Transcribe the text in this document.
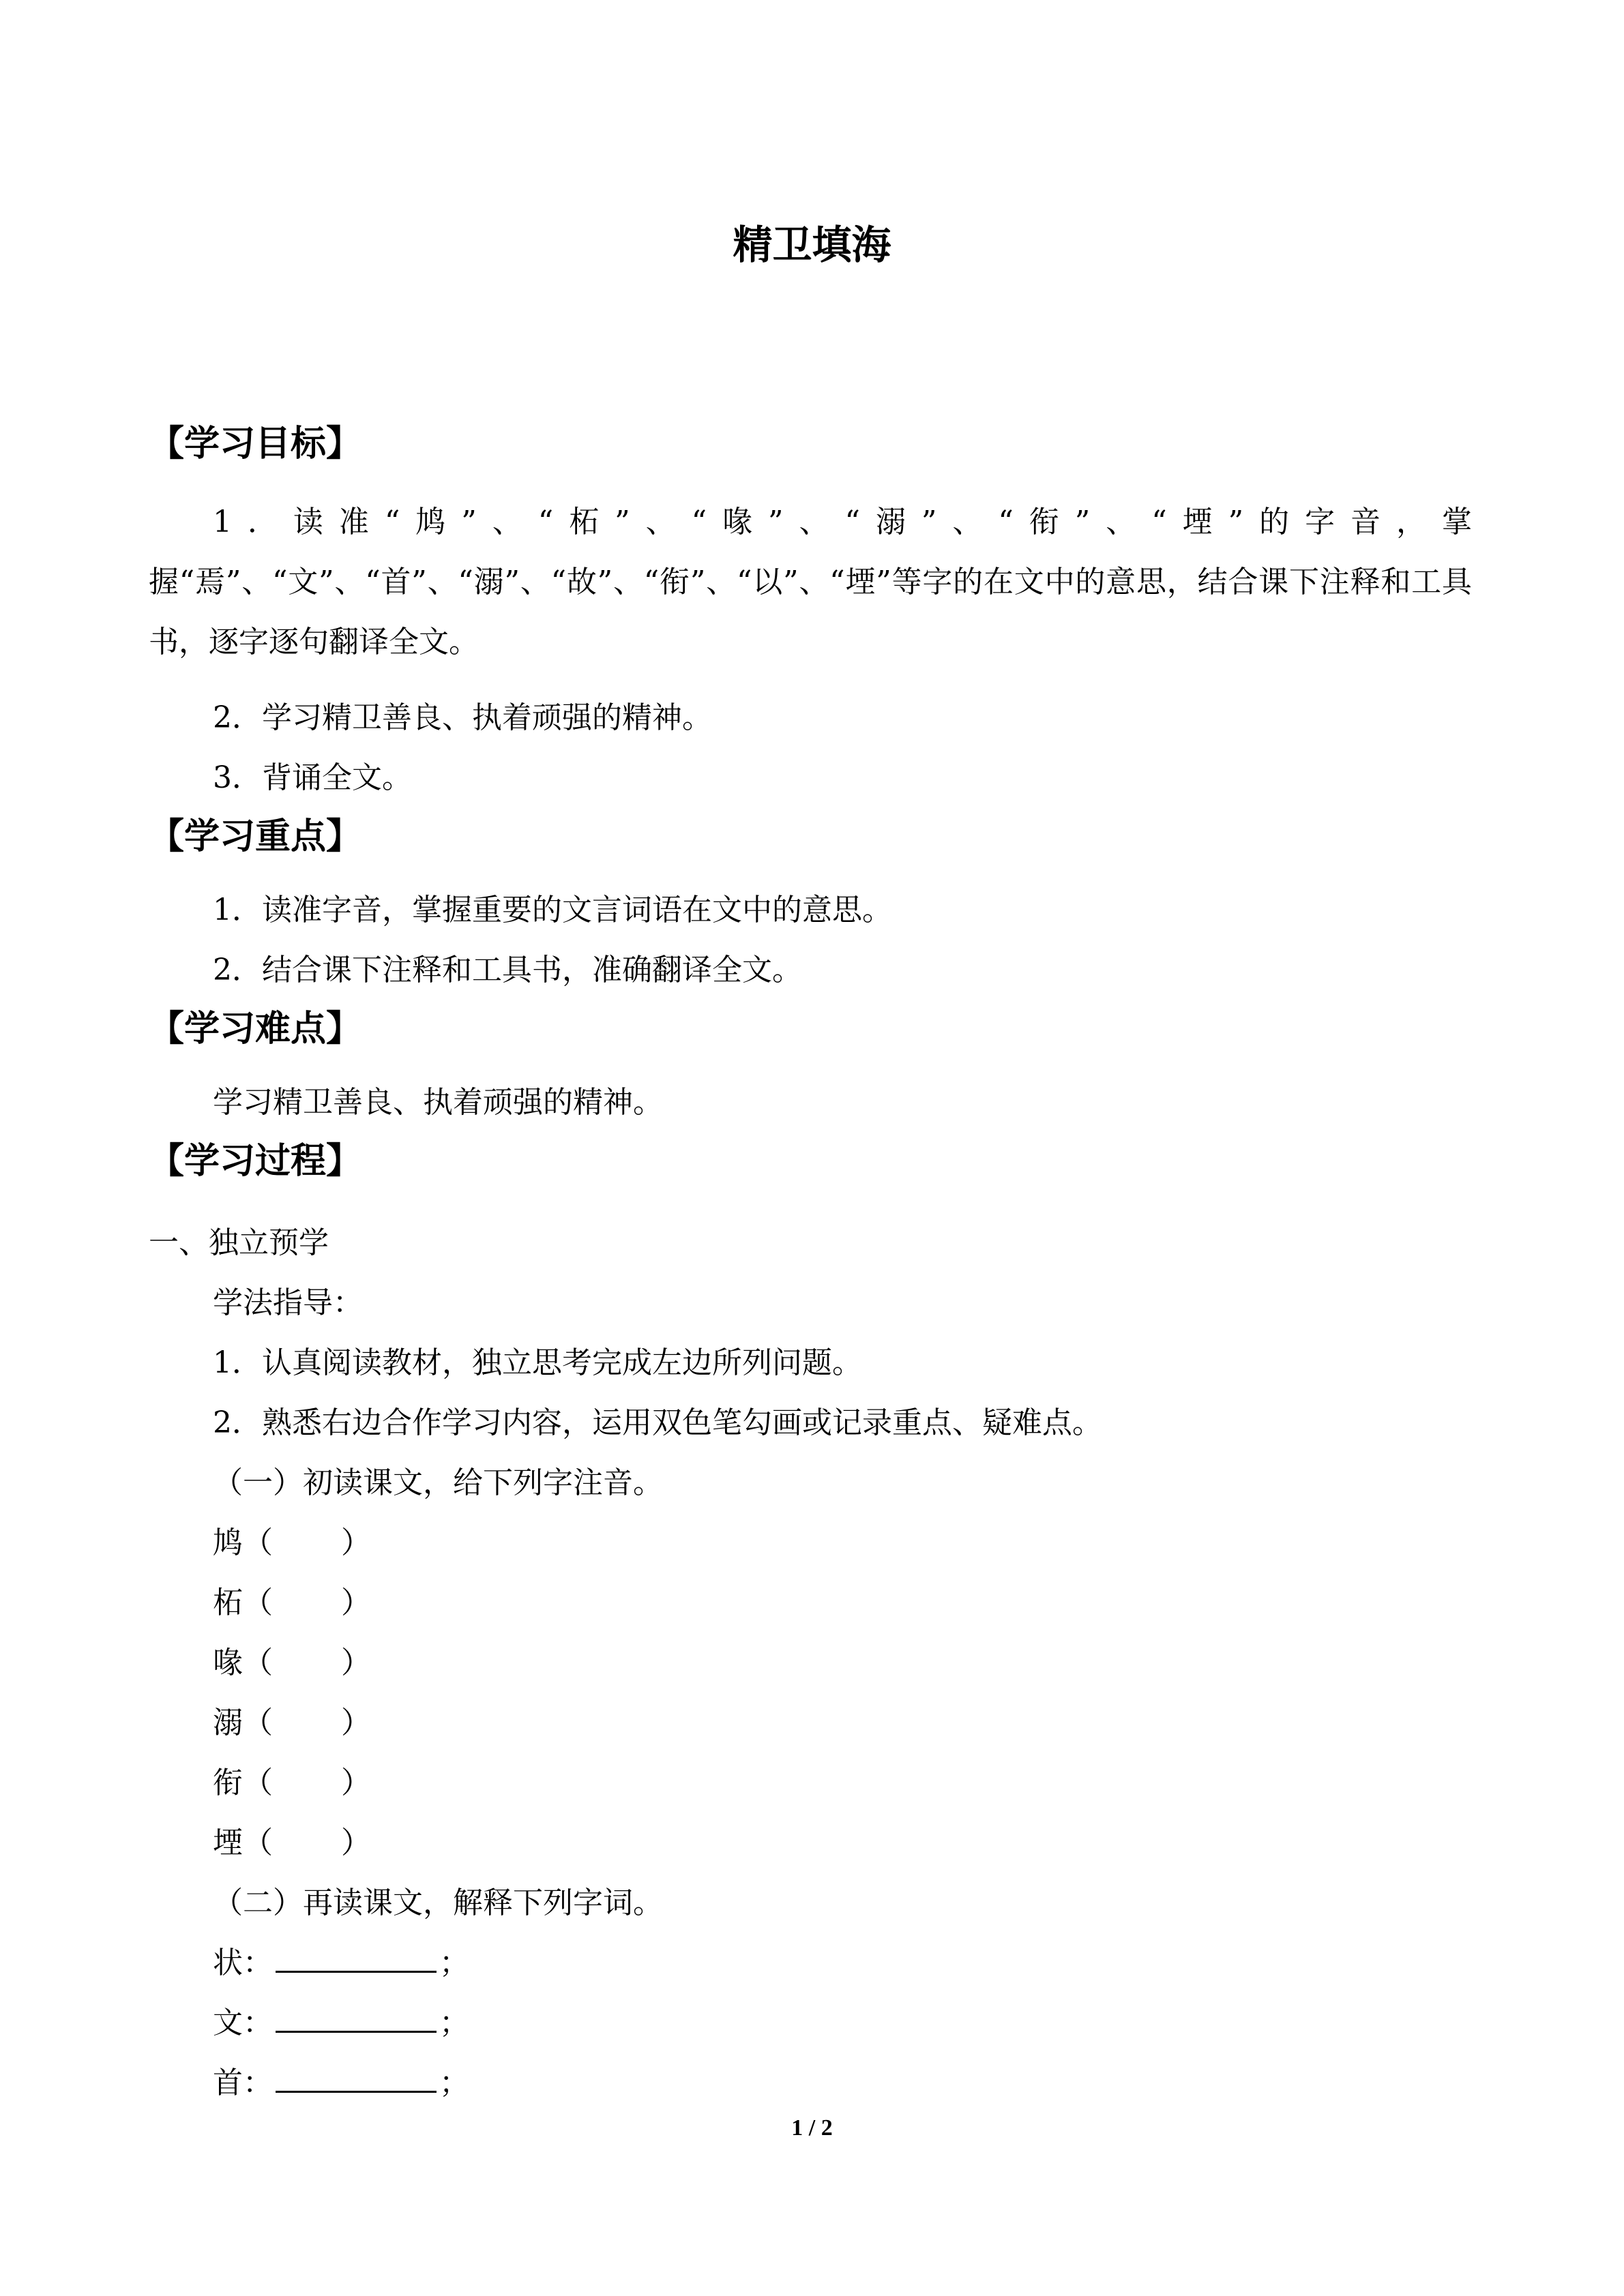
精卫填海
【学习目标】
1．读准“鸠”、“柘”、“喙”、“溺”、“衔”、“堙”的字音，掌握“焉”、“文”、“首”、“溺”、“故”、“衔”、“以”、“堙”等字的在文中的意思，结合课下注释和工具书，逐字逐句翻译全文。
2．学习精卫善良、执着顽强的精神。
3．背诵全文。
【学习重点】
1．读准字音，掌握重要的文言词语在文中的意思。
2．结合课下注释和工具书，准确翻译全文。
【学习难点】
学习精卫善良、执着顽强的精神。
【学习过程】
一、独立预学
学法指导：
1．认真阅读教材，独立思考完成左边所列问题。
2．熟悉右边合作学习内容，运用双色笔勾画或记录重点、疑难点。
（一）初读课文，给下列字注音。
鸠（ ）
柘（ ）
喙（ ）
溺（ ）
衔（ ）
堙（ ）
（二）再读课文，解释下列字词。
状：	；
文：	；
首：	；
1 / 2
